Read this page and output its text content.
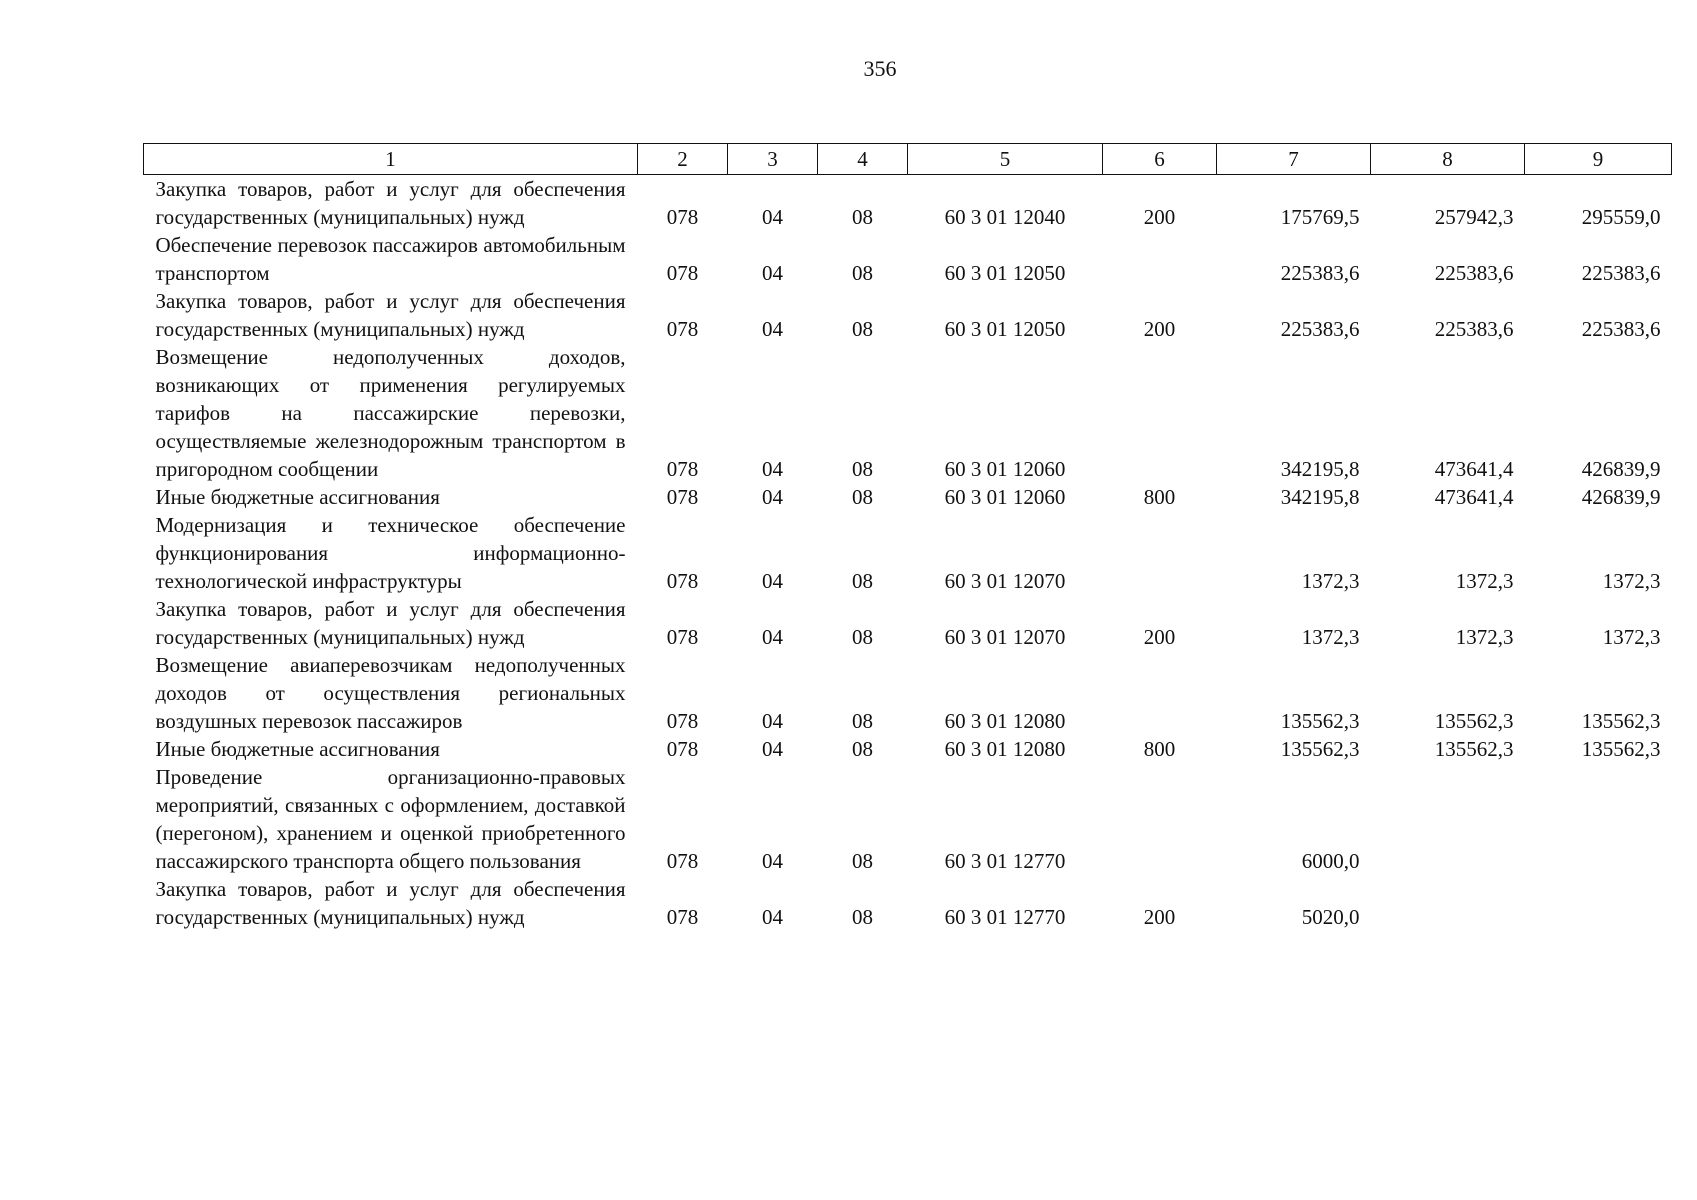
356
1	2	3	4	5	6	7	8	9
Закупка товаров, работ и услуг для обеспечения государственных (муниципальных) нужд	078	04	08	60 3 01 12040	200	175769,5	257942,3	295559,0
Обеспечение перевозок пассажиров автомобильным транспортом	078	04	08	60 3 01 12050		225383,6	225383,6	225383,6
Закупка товаров, работ и услуг для обеспечения государственных (муниципальных) нужд	078	04	08	60 3 01 12050	200	225383,6	225383,6	225383,6
Возмещение недополученных доходов, возникающих от применения регулируемых тарифов на пассажирские перевозки, осуществляемые железнодорожным транспортом в пригородном сообщении	078	04	08	60 3 01 12060		342195,8	473641,4	426839,9
Иные бюджетные ассигнования	078	04	08	60 3 01 12060	800	342195,8	473641,4	426839,9
Модернизация и техническое обеспечение функционирования информационно-технологической инфраструктуры	078	04	08	60 3 01 12070		1372,3	1372,3	1372,3
Закупка товаров, работ и услуг для обеспечения государственных (муниципальных) нужд	078	04	08	60 3 01 12070	200	1372,3	1372,3	1372,3
Возмещение авиаперевозчикам недополученных доходов от осуществления региональных воздушных перевозок пассажиров	078	04	08	60 3 01 12080		135562,3	135562,3	135562,3
Иные бюджетные ассигнования	078	04	08	60 3 01 12080	800	135562,3	135562,3	135562,3
Проведение организационно-правовых мероприятий, связанных с оформлением, доставкой (перегоном), хранением и оценкой приобретенного пассажирского транспорта общего пользования	078	04	08	60 3 01 12770		6000,0		
Закупка товаров, работ и услуг для обеспечения государственных (муниципальных) нужд	078	04	08	60 3 01 12770	200	5020,0		
